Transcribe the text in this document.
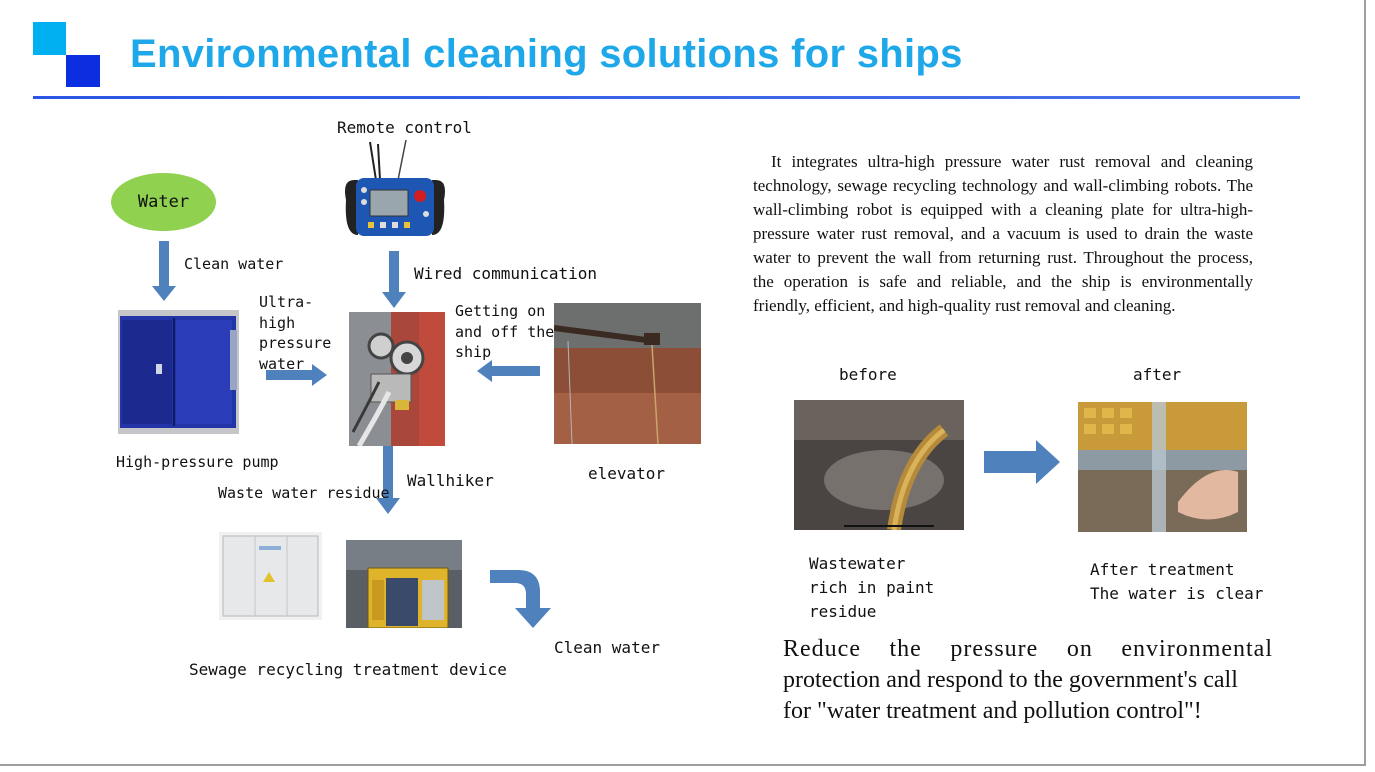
Environmental cleaning solutions for ships
Water
Clean water
Remote control
Wired communication
High-pressure pump
Ultra-
high
pressure
water
Wallhiker
Getting on
and off the
ship
elevator
Waste water residue
Sewage recycling treatment device
Clean water
It integrates ultra-high pressure water rust removal and cleaning technology, sewage recycling technology and wall-climbing robots. The wall-climbing robot is equipped with a cleaning plate for ultra-high-pressure water rust removal, and a vacuum is used to drain the waste water to prevent the wall from returning rust. Throughout the process, the operation is safe and reliable, and the ship is environmentally friendly, efficient, and high-quality rust removal and cleaning.
before	after
Wastewater
rich in paint
residue
After treatment
The water is clear
Reduce the pressure on environmental
protection and respond to the government's call
for "water treatment and pollution control"!
